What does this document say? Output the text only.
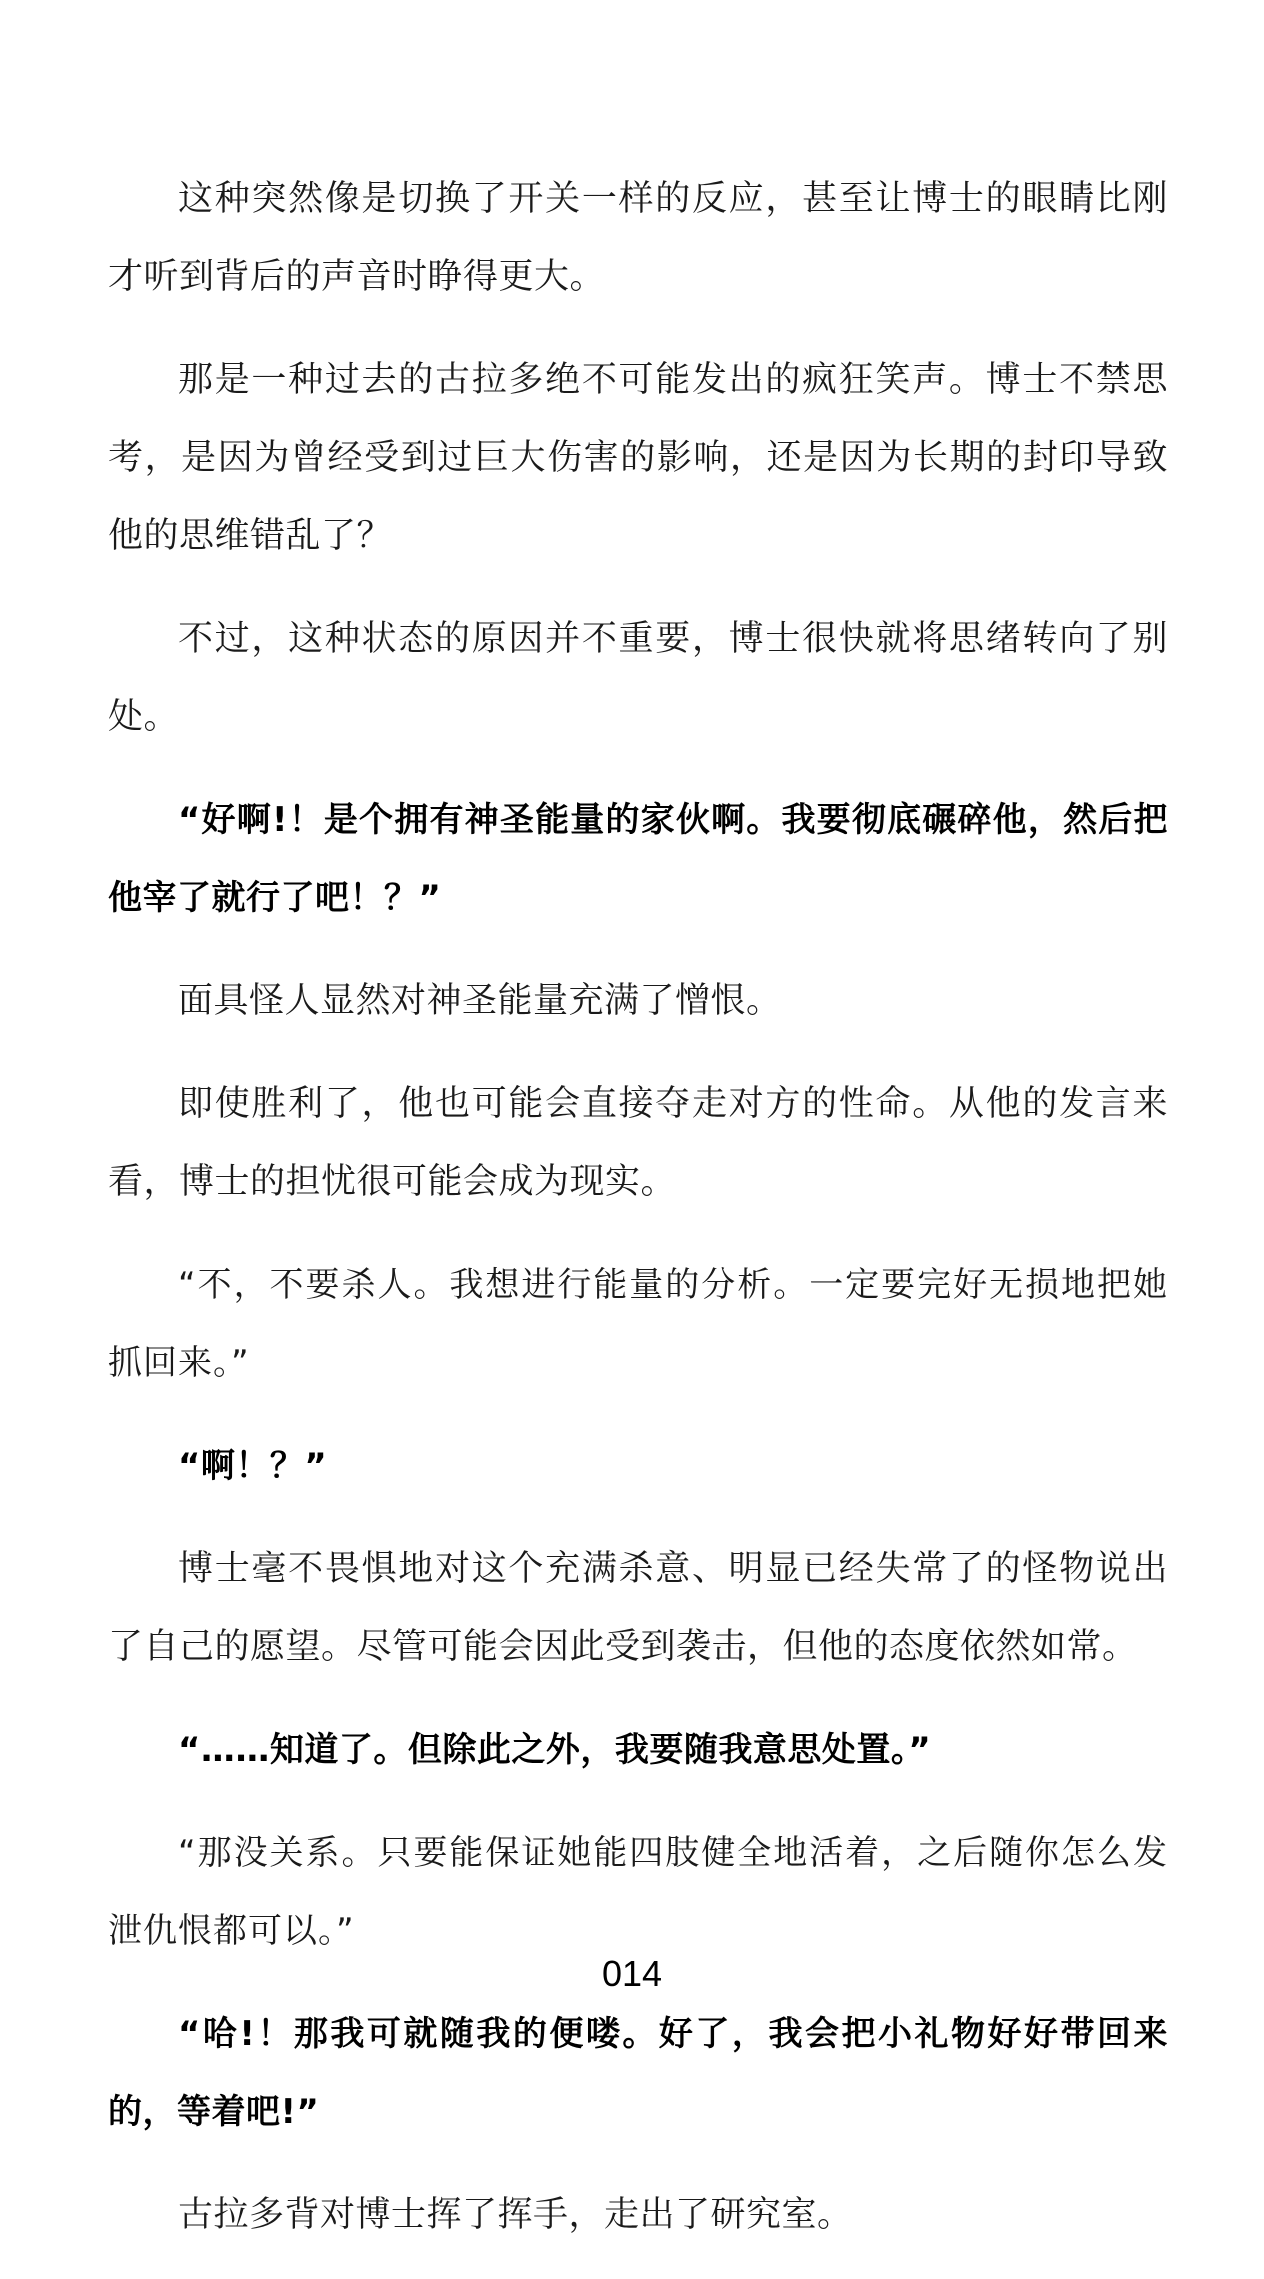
这种突然像是切换了开关一样的反应，甚至让博士的眼睛比刚才听到背后的声音时睁得更大。

那是一种过去的古拉多绝不可能发出的疯狂笑声。博士不禁思考，是因为曾经受到过巨大伤害的影响，还是因为长期的封印导致他的思维错乱了？

不过，这种状态的原因并不重要，博士很快就将思绪转向了别处。

“好啊!！是个拥有神圣能量的家伙啊。我要彻底碾碎他，然后把他宰了就行了吧！？”

面具怪人显然对神圣能量充满了憎恨。

即使胜利了，他也可能会直接夺走对方的性命。从他的发言来看，博士的担忧很可能会成为现实。

“不，不要杀人。我想进行能量的分析。一定要完好无损地把她抓回来。”

“啊！？”

博士毫不畏惧地对这个充满杀意、明显已经失常了的怪物说出了自己的愿望。尽管可能会因此受到袭击，但他的态度依然如常。

“……知道了。但除此之外，我要随我意思处置。”

“那没关系。只要能保证她能四肢健全地活着，之后随你怎么发泄仇恨都可以。”

“哈!！那我可就随我的便喽。好了，我会把小礼物好好带回来的，等着吧!”

古拉多背对博士挥了挥手，走出了研究室。

014
